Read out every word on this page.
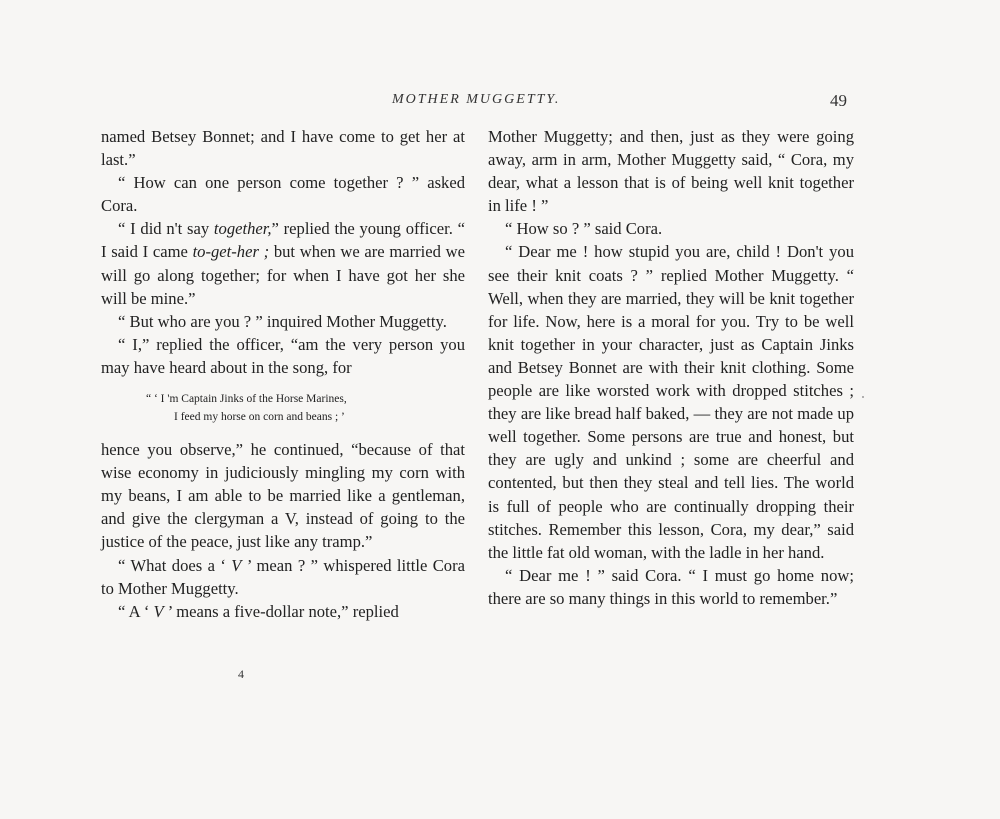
MOTHER MUGGETTY.	49

named Betsey Bonnet; and I have come to get her at last.”

“ How can one person come together ? ” asked Cora.

“ I did n't say together,” replied the young officer. “ I said I came to-get-her ; but when we are married we will go along together; for when I have got her she will be mine.”

“ But who are you ? ” inquired Mother Muggetty.

“ I,” replied the officer, “am the very person you may have heard about in the song, for

“ ‘ I 'm Captain Jinks of the Horse Marines,
I feed my horse on corn and beans ; ’

hence you observe,” he continued, “because of that wise economy in judiciously mingling my corn with my beans, I am able to be married like a gentleman, and give the clergyman a V, instead of going to the justice of the peace, just like any tramp.”

“ What does a ‘ V ’ mean ? ” whispered little Cora to Mother Muggetty.

“ A ‘ V ’ means a five-dollar note,” replied

4

Mother Muggetty; and then, just as they were going away, arm in arm, Mother Muggetty said, “ Cora, my dear, what a lesson that is of being well knit together in life ! ”

“ How so ? ” said Cora.

“ Dear me ! how stupid you are, child ! Don't you see their knit coats ? ” replied Mother Muggetty. “ Well, when they are married, they will be knit together for life. Now, here is a moral for you. Try to be well knit together in your character, just as Captain Jinks and Betsey Bonnet are with their knit clothing. Some people are like worsted work with dropped stitches ; they are like bread half baked, — they are not made up well together. Some persons are true and honest, but they are ugly and unkind ; some are cheerful and contented, but then they steal and tell lies. The world is full of people who are continually dropping their stitches. Remember this lesson, Cora, my dear,” said the little fat old woman, with the ladle in her hand.

“ Dear me ! ” said Cora. “ I must go home now; there are so many things in this world to remember.”
